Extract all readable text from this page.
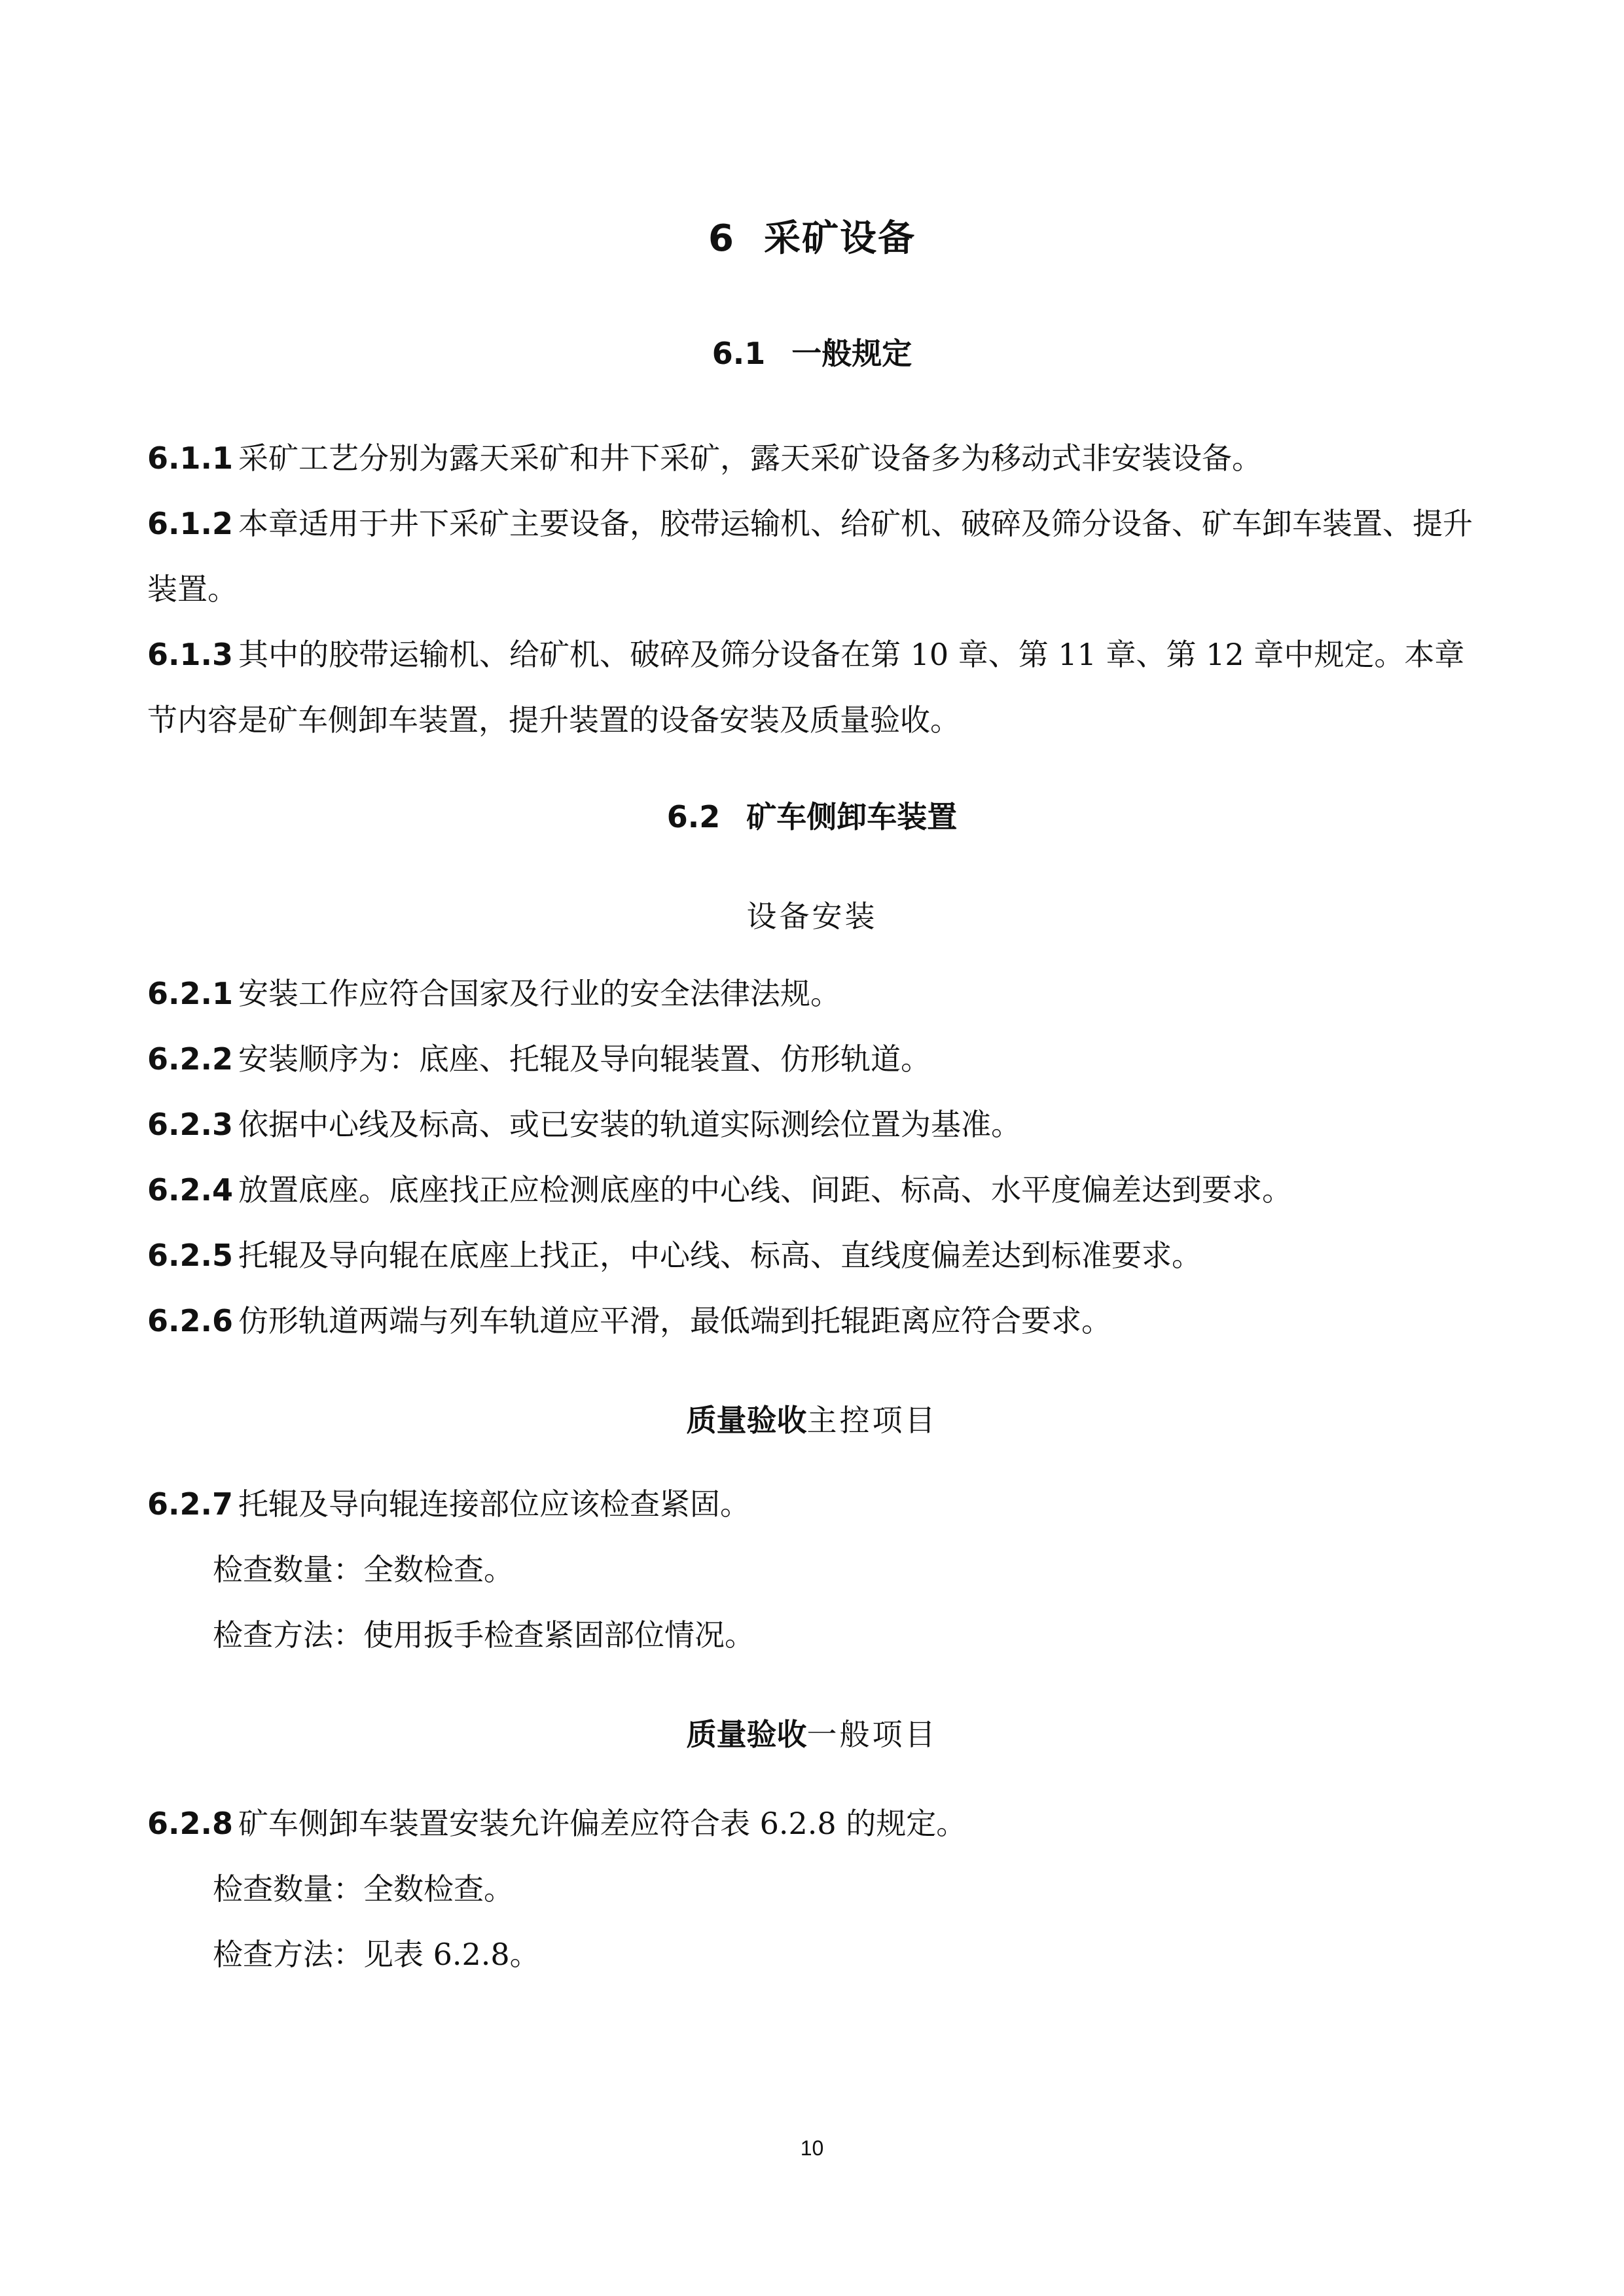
6 采矿设备
6.1 一般规定
6.1.1 采矿工艺分别为露天采矿和井下采矿，露天采矿设备多为移动式非安装设备。
6.1.2 本章适用于井下采矿主要设备，胶带运输机、给矿机、破碎及筛分设备、矿车卸车装置、提升装置。
6.1.3 其中的胶带运输机、给矿机、破碎及筛分设备在第 10 章、第 11 章、第 12 章中规定。本章节内容是矿车侧卸车装置，提升装置的设备安装及质量验收。
6.2 矿车侧卸车装置
设备安装
6.2.1 安装工作应符合国家及行业的安全法律法规。
6.2.2 安装顺序为：底座、托辊及导向辊装置、仿形轨道。
6.2.3 依据中心线及标高、或已安装的轨道实际测绘位置为基准。
6.2.4 放置底座。底座找正应检测底座的中心线、间距、标高、水平度偏差达到要求。
6.2.5 托辊及导向辊在底座上找正，中心线、标高、直线度偏差达到标准要求。
6.2.6 仿形轨道两端与列车轨道应平滑，最低端到托辊距离应符合要求。
质量验收主控项目
6.2.7 托辊及导向辊连接部位应该检查紧固。
检查数量：全数检查。
检查方法：使用扳手检查紧固部位情况。
质量验收一般项目
6.2.8 矿车侧卸车装置安装允许偏差应符合表 6.2.8 的规定。
检查数量：全数检查。
检查方法：见表 6.2.8。
10
